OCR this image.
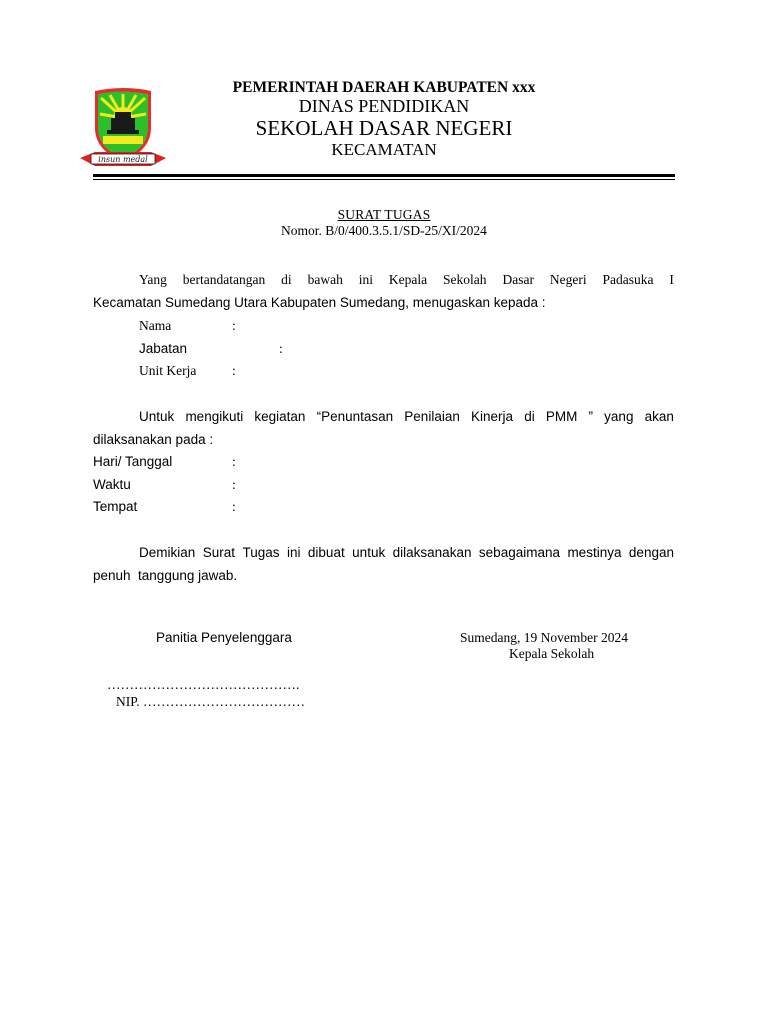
insun medal
PEMERINTAH DAERAH KABUPATEN xxx
DINAS PENDIDIKAN
SEKOLAH DASAR NEGERI
KECAMATAN
SURAT TUGAS
Nomor. B/0/400.3.5.1/SD-25/XI/2024
Yang bertandatangan di bawah ini Kepala Sekolah Dasar Negeri Padasuka I
Kecamatan Sumedang Utara Kabupaten Sumedang, menugaskan kepada :
Nama	:
Jabatan	:
Unit Kerja	:
Untuk mengikuti kegiatan “Penuntasan Penilaian Kinerja di PMM ” yang akan
dilaksanakan pada :
Hari/ Tanggal	:
Waktu	:
Tempat	:
Demikian Surat Tugas ini dibuat untuk dilaksanakan sebagaimana mestinya dengan
penuh  tanggung jawab.
Panitia Penyelenggara	Sumedang, 19 November 2024
Kepala Sekolah
…………………………………….
NIP. ………………………………
